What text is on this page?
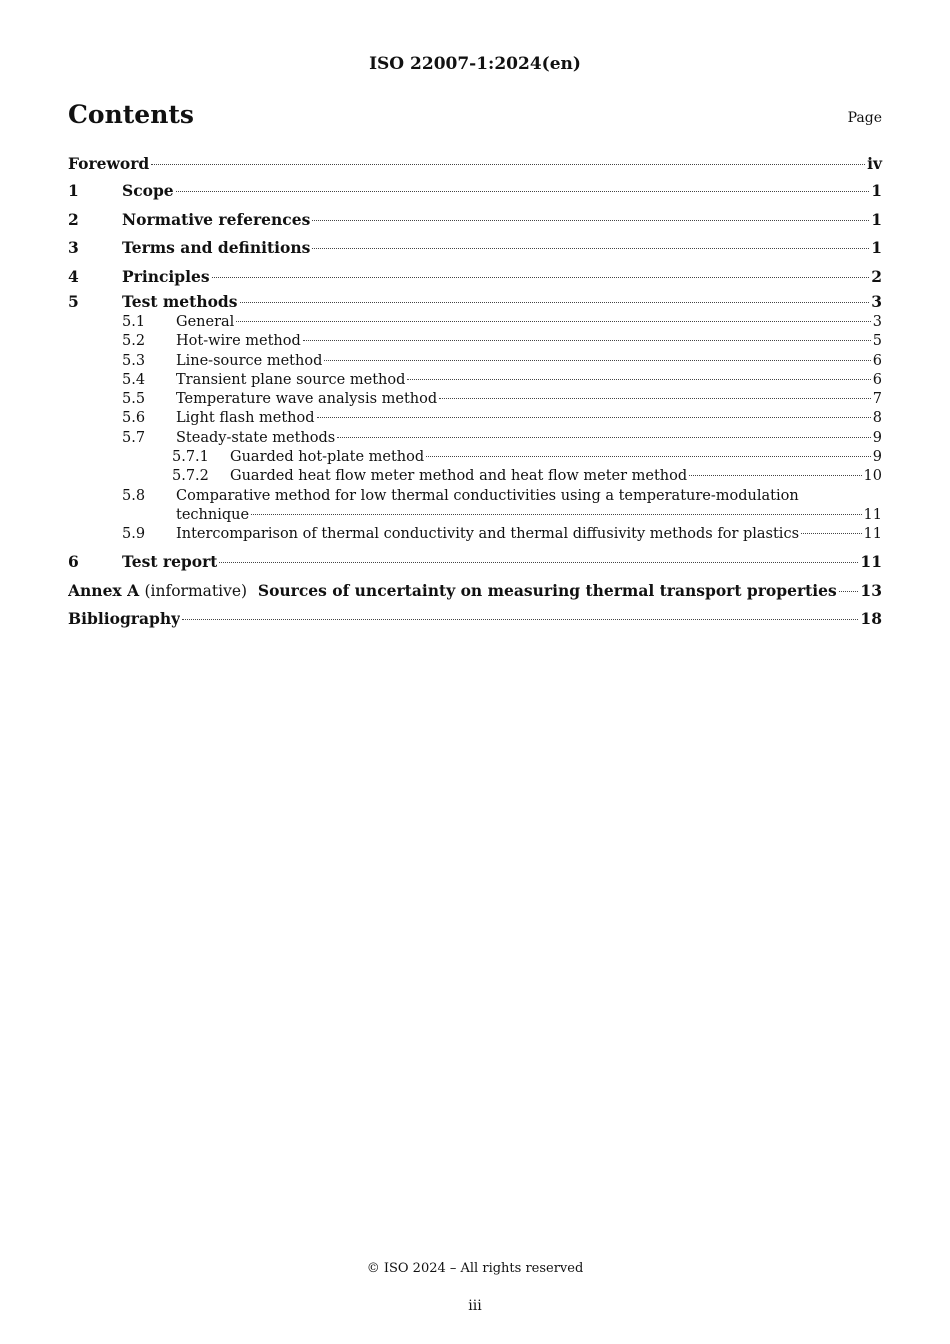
ISO 22007-1:2024(en)
Contents	Page
Foreword	iv
1	Scope	1
2	Normative references	1
3	Terms and definitions	1
4	Principles	2
5	Test methods	3
5.1	General	3
5.2	Hot-wire method	5
5.3	Line-source method	6
5.4	Transient plane source method	6
5.5	Temperature wave analysis method	7
5.6	Light flash method	8
5.7	Steady-state methods	9
5.7.1	Guarded hot-plate method	9
5.7.2	Guarded heat flow meter method and heat flow meter method	10
5.8	Comparative method for low thermal conductivities using a temperature-modulation
technique	11
5.9	Intercomparison of thermal conductivity and thermal diffusivity methods for plastics	11
6	Test report	11
Annex A (informative) Sources of uncertainty on measuring thermal transport properties 13
Bibliography	18
© ISO 2024 – All rights reserved
iii
